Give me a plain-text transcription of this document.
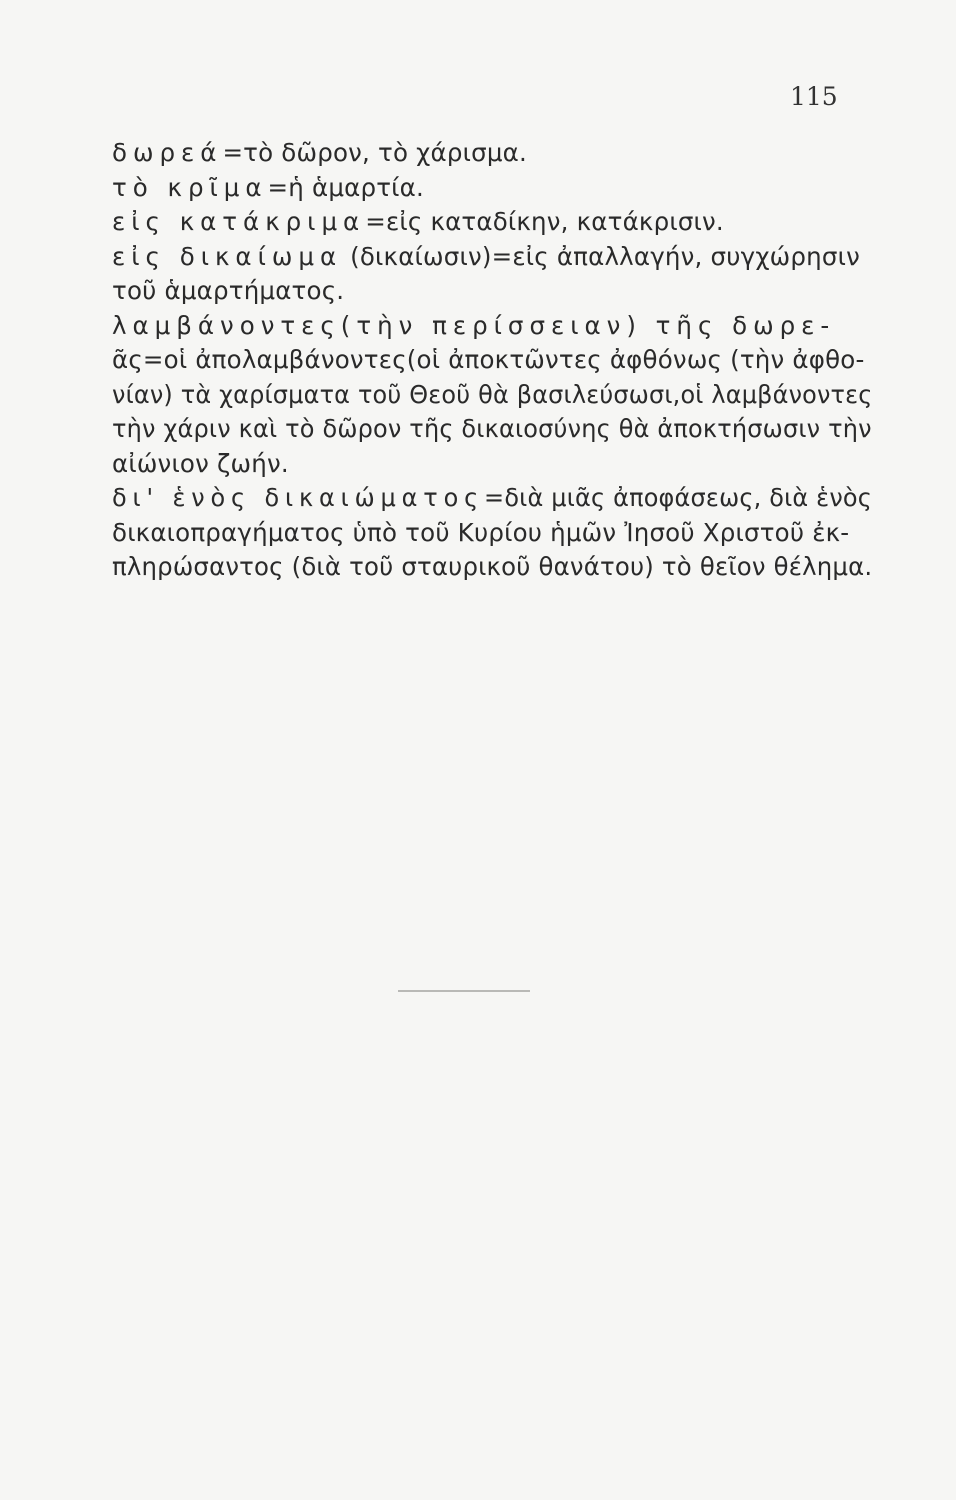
115
δωρεά=τὸ δῶρον, τὸ χάρισμα.
τὸ κρῖμα=ἡ ἁμαρτία.
εἰς κατάκριμα=εἰς καταδίκην, κατάκρισιν.
εἰς δικαίωμα (δικαίωσιν)=εἰς ἀπαλλαγήν, συγχώρησιν
τοῦ ἁμαρτήματος.
λαμβάνοντες(τὴν περίσσειαν) τῆς δωρε-
ᾶς=οἱ ἀπολαμβάνοντες(οἱ ἀποκτῶντες ἀφθόνως (τὴν ἀφθο-
νίαν) τὰ χαρίσματα τοῦ Θεοῦ θὰ βασιλεύσωσι,οἱ λαμβάνοντες
τὴν χάριν καὶ τὸ δῶρον τῆς δικαιοσύνης θὰ ἀποκτήσωσιν τὴν
αἰώνιον ζωήν.
δι' ἑνὸς δικαιώματος=διὰ μιᾶς ἀποφάσεως, διὰ ἑνὸς
δικαιοπραγήματος ὑπὸ τοῦ Κυρίου ἡμῶν Ἰησοῦ Χριστοῦ ἐκ-
πληρώσαντος (διὰ τοῦ σταυρικοῦ θανάτου) τὸ θεῖον θέλημα.
